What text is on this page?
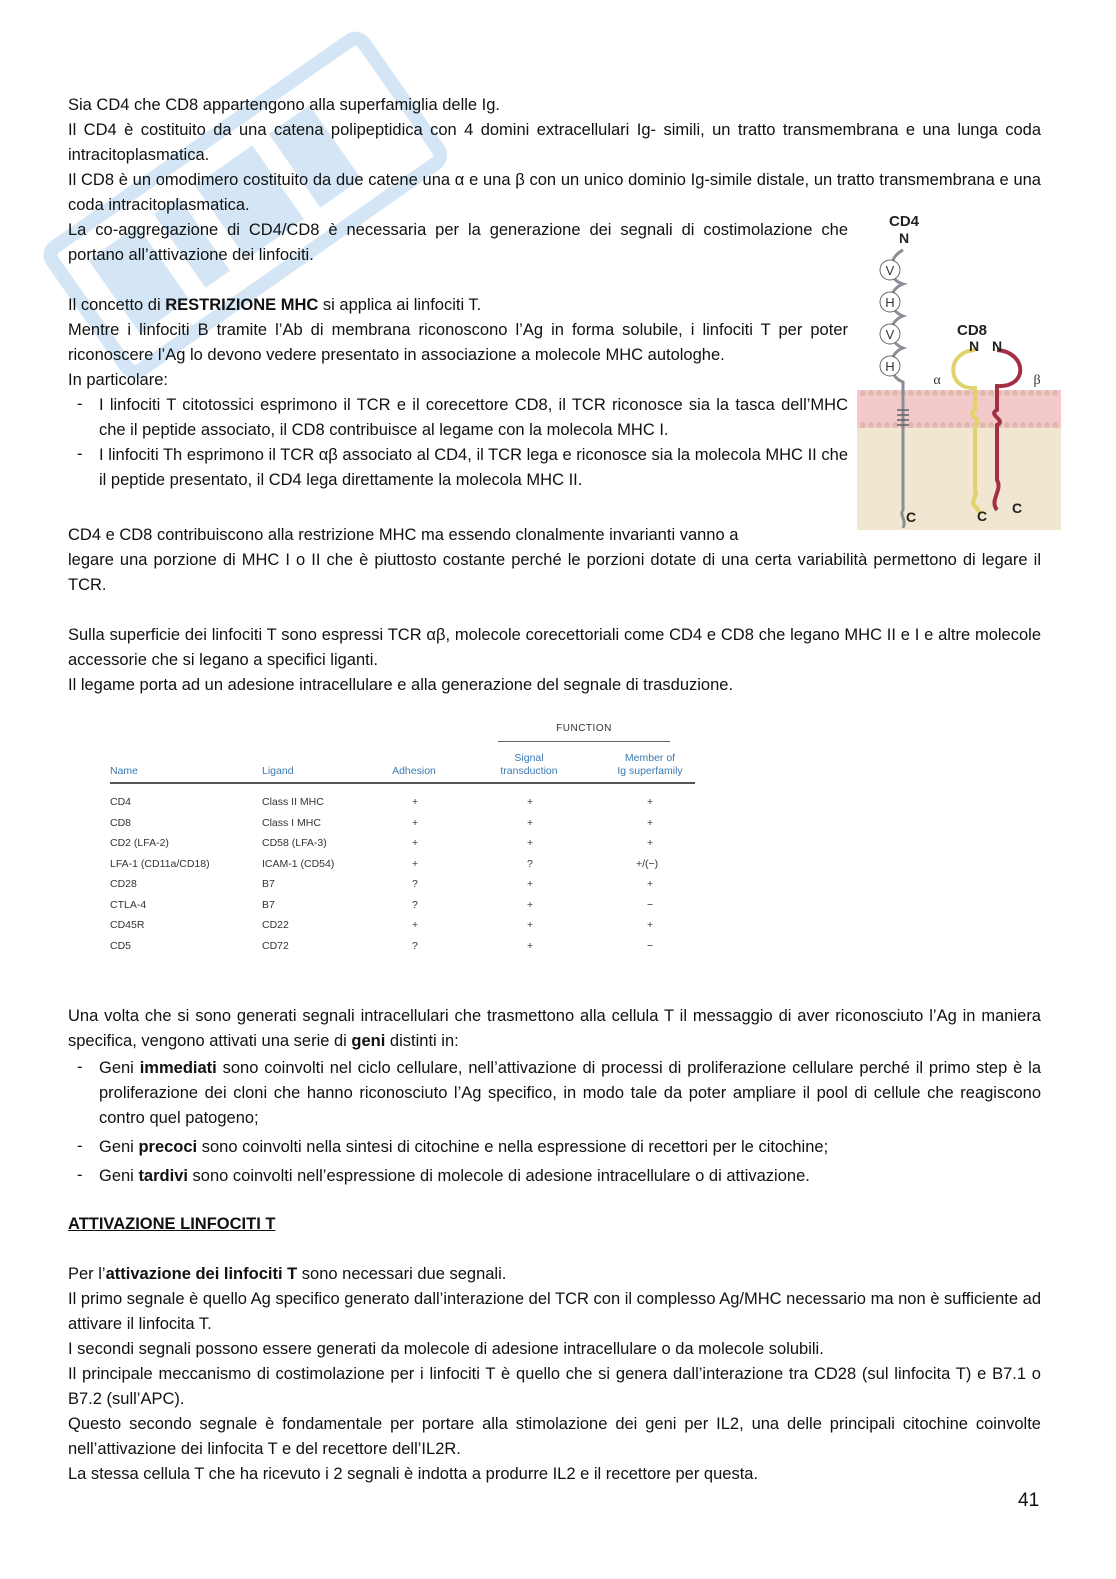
Sia CD4 che CD8 appartengono alla superfamiglia delle Ig.

Il CD4 è costituito da una catena polipeptidica con 4 domini extracellulari Ig- simili, un tratto transmembrana e una lunga coda intracitoplasmatica.

Il CD8 è un omodimero costituito da due catene una α e una β con un unico dominio Ig-simile distale, un tratto transmembrana e una coda intracitoplasmatica.

La co-aggregazione di CD4/CD8 è necessaria per la generazione dei segnali di costimolazione che portano all’attivazione dei linfociti.

Il concetto di RESTRIZIONE MHC si applica ai linfociti T.

Mentre i linfociti B tramite l’Ab di membrana riconoscono l’Ag in forma solubile, i linfociti T per poter riconoscere l’Ag lo devono vedere presentato in associazione a molecole MHC autologhe.

In particolare:

- I linfociti T citotossici esprimono il TCR e il corecettore CD8, il TCR riconosce sia la tasca dell’MHC che il peptide associato, il CD8 contribuisce al legame con la molecola MHC I.
- I linfociti Th esprimono il TCR αβ associato al CD4, il TCR lega e riconosce sia la molecola MHC II che il peptide presentato, il CD4 lega direttamente la molecola MHC II.

CD4 e CD8 contribuiscono alla restrizione MHC ma essendo clonalmente invarianti vanno a

legare una porzione di MHC I o II che è piuttosto costante perché le porzioni dotate di una certa variabilità permettono di legare il TCR.

Sulla superficie dei linfociti T sono espressi TCR αβ, molecole corecettoriali come CD4 e CD8 che legano MHC II e I e altre molecole accessorie che si legano a specifici liganti.

Il legame porta ad un adesione intracellulare e alla generazione del segnale di trasduzione.

V
H
V
H
CD4
N
C
CD8
N N
α	β
C C
FUNCTION
Name	Ligand	Adhesion
Signal
transduction
Member of
Ig superfamily
CD4	Class II MHC	+	+	+
CD8	Class I MHC	+	+	+
CD2 (LFA-2)	CD58 (LFA-3)	+	+	+
LFA-1 (CD11a/CD18)	ICAM-1 (CD54)	+	?	+/(−)
CD28	B7	?	+	+
CTLA-4	B7	?	+	−
CD45R	CD22	+	+	+
CD5	CD72	?	+	−

Una volta che si sono generati segnali intracellulari che trasmettono alla cellula T il messaggio di aver riconosciuto l’Ag in maniera specifica, vengono attivati una serie di geni distinti in:

- Geni immediati sono coinvolti nel ciclo cellulare, nell’attivazione di processi di proliferazione cellulare perché il primo step è la proliferazione dei cloni che hanno riconosciuto l’Ag specifico, in modo tale da poter ampliare il pool di cellule che reagiscono contro quel patogeno;
- Geni precoci sono coinvolti nella sintesi di citochine e nella espressione di recettori per le citochine;
- Geni tardivi sono coinvolti nell’espressione di molecole di adesione intracellulare o di attivazione.

ATTIVAZIONE LINFOCITI T

Per l’attivazione dei linfociti T sono necessari due segnali.

Il primo segnale è quello Ag specifico generato dall’interazione del TCR con il complesso Ag/MHC necessario ma non è sufficiente ad attivare il linfocita T.

I secondi segnali possono essere generati da molecole di adesione intracellulare o da molecole solubili.

Il principale meccanismo di costimolazione per i linfociti T è quello che si genera dall’interazione tra CD28 (sul linfocita T) e B7.1 o B7.2 (sull’APC).

Questo secondo segnale è fondamentale per portare alla stimolazione dei geni per IL2, una delle principali citochine coinvolte nell’attivazione dei linfocita T e del recettore dell’IL2R.

La stessa cellula T che ha ricevuto i 2 segnali è indotta a produrre IL2 e il recettore per questa.

41
